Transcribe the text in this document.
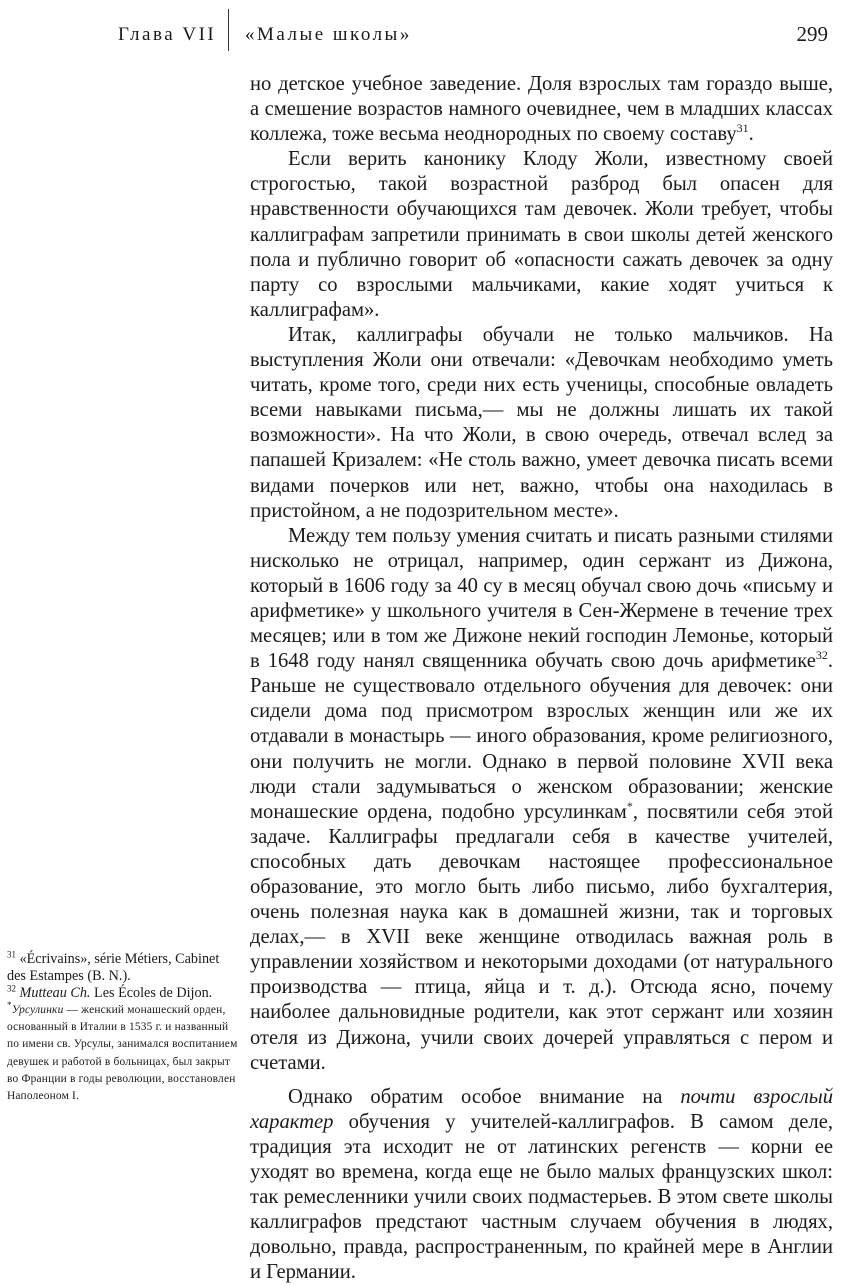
Глава VII «Малые школы»	299

но детское учебное заведение. Доля взрослых там гораздо выше, а смешение возрастов намного очевиднее, чем в младших классах коллежа, тоже весьма неоднородных по своему составу$^{31}$.

Если верить канонику Клоду Жоли, известному своей строгостью, такой возрастной разброд был опасен для нравственности обучающихся там девочек. Жоли требует, чтобы каллиграфам запретили принимать в свои школы детей женского пола и публично говорит об «опасности сажать девочек за одну парту со взрослыми мальчиками, какие ходят учиться к каллиграфам».

Итак, каллиграфы обучали не только мальчиков. На выступления Жоли они отвечали: «Девочкам необходимо уметь читать, кроме того, среди них есть ученицы, способные овладеть всеми навыками письма,— мы не должны лишать их такой возможности». На что Жоли, в свою очередь, отвечал вслед за папашей Кризалем: «Не столь важно, умеет девочка писать всеми видами почерков или нет, важно, чтобы она находилась в пристойном, а не подозрительном месте».

Между тем пользу умения считать и писать разными стилями нисколько не отрицал, например, один сержант из Дижона, который в 1606 году за 40 су в месяц обучал свою дочь «письму и арифметике» у школьного учителя в Сен-Жермене в течение трех месяцев; или в том же Дижоне некий господин Лемонье, который в 1648 году нанял священника обучать свою дочь арифметике$^{32}$. Раньше не существовало отдельного обучения для девочек: они сидели дома под присмотром взрослых женщин или же их отдавали в монастырь — иного образования, кроме религиозного, они получить не могли. Однако в первой половине XVII века люди стали задумываться о женском образовании; женские монашеские ордена, подобно урсулинкам*, посвятили себя этой задаче. Каллиграфы предлагали себя в качестве учителей, способных дать девочкам настоящее профессиональное образование, это могло быть либо письмо, либо бухгалтерия, очень полезная наука как в домашней жизни, так и торговых делах,— в XVII веке женщине отводилась важная роль в управлении хозяйством и некоторыми доходами (от натурального производства — птица, яйца и т. д.). Отсюда ясно, почему наиболее дальновидные родители, как этот сержант или хозяин отеля из Дижона, учили своих дочерей управляться с пером и счетами.

Однако обратим особое внимание на почти взрослый характер обучения у учителей-каллиграфов. В самом деле, традиция эта исходит не от латинских регенств — корни ее уходят во времена, когда еще не было малых французских школ: так ремесленники учили своих подмастерьев. В этом свете школы каллиграфов предстают частным случаем обучения в людях, довольно, правда, распространенным, по крайней мере в Англии и Германии.

$^{31}$ «Écrivains», série Métiers, Cabinet des Estampes (B. N.).

$^{32}$ Mutteau Ch. Les Écoles de Dijon.

*Урсулинки — женский монашеский орден, основанный в Италии в 1535 г. и названный по имени св. Урсулы, занимался воспитанием девушек и работой в больницах, был закрыт во Франции в годы революции, восстановлен Наполеоном I.
